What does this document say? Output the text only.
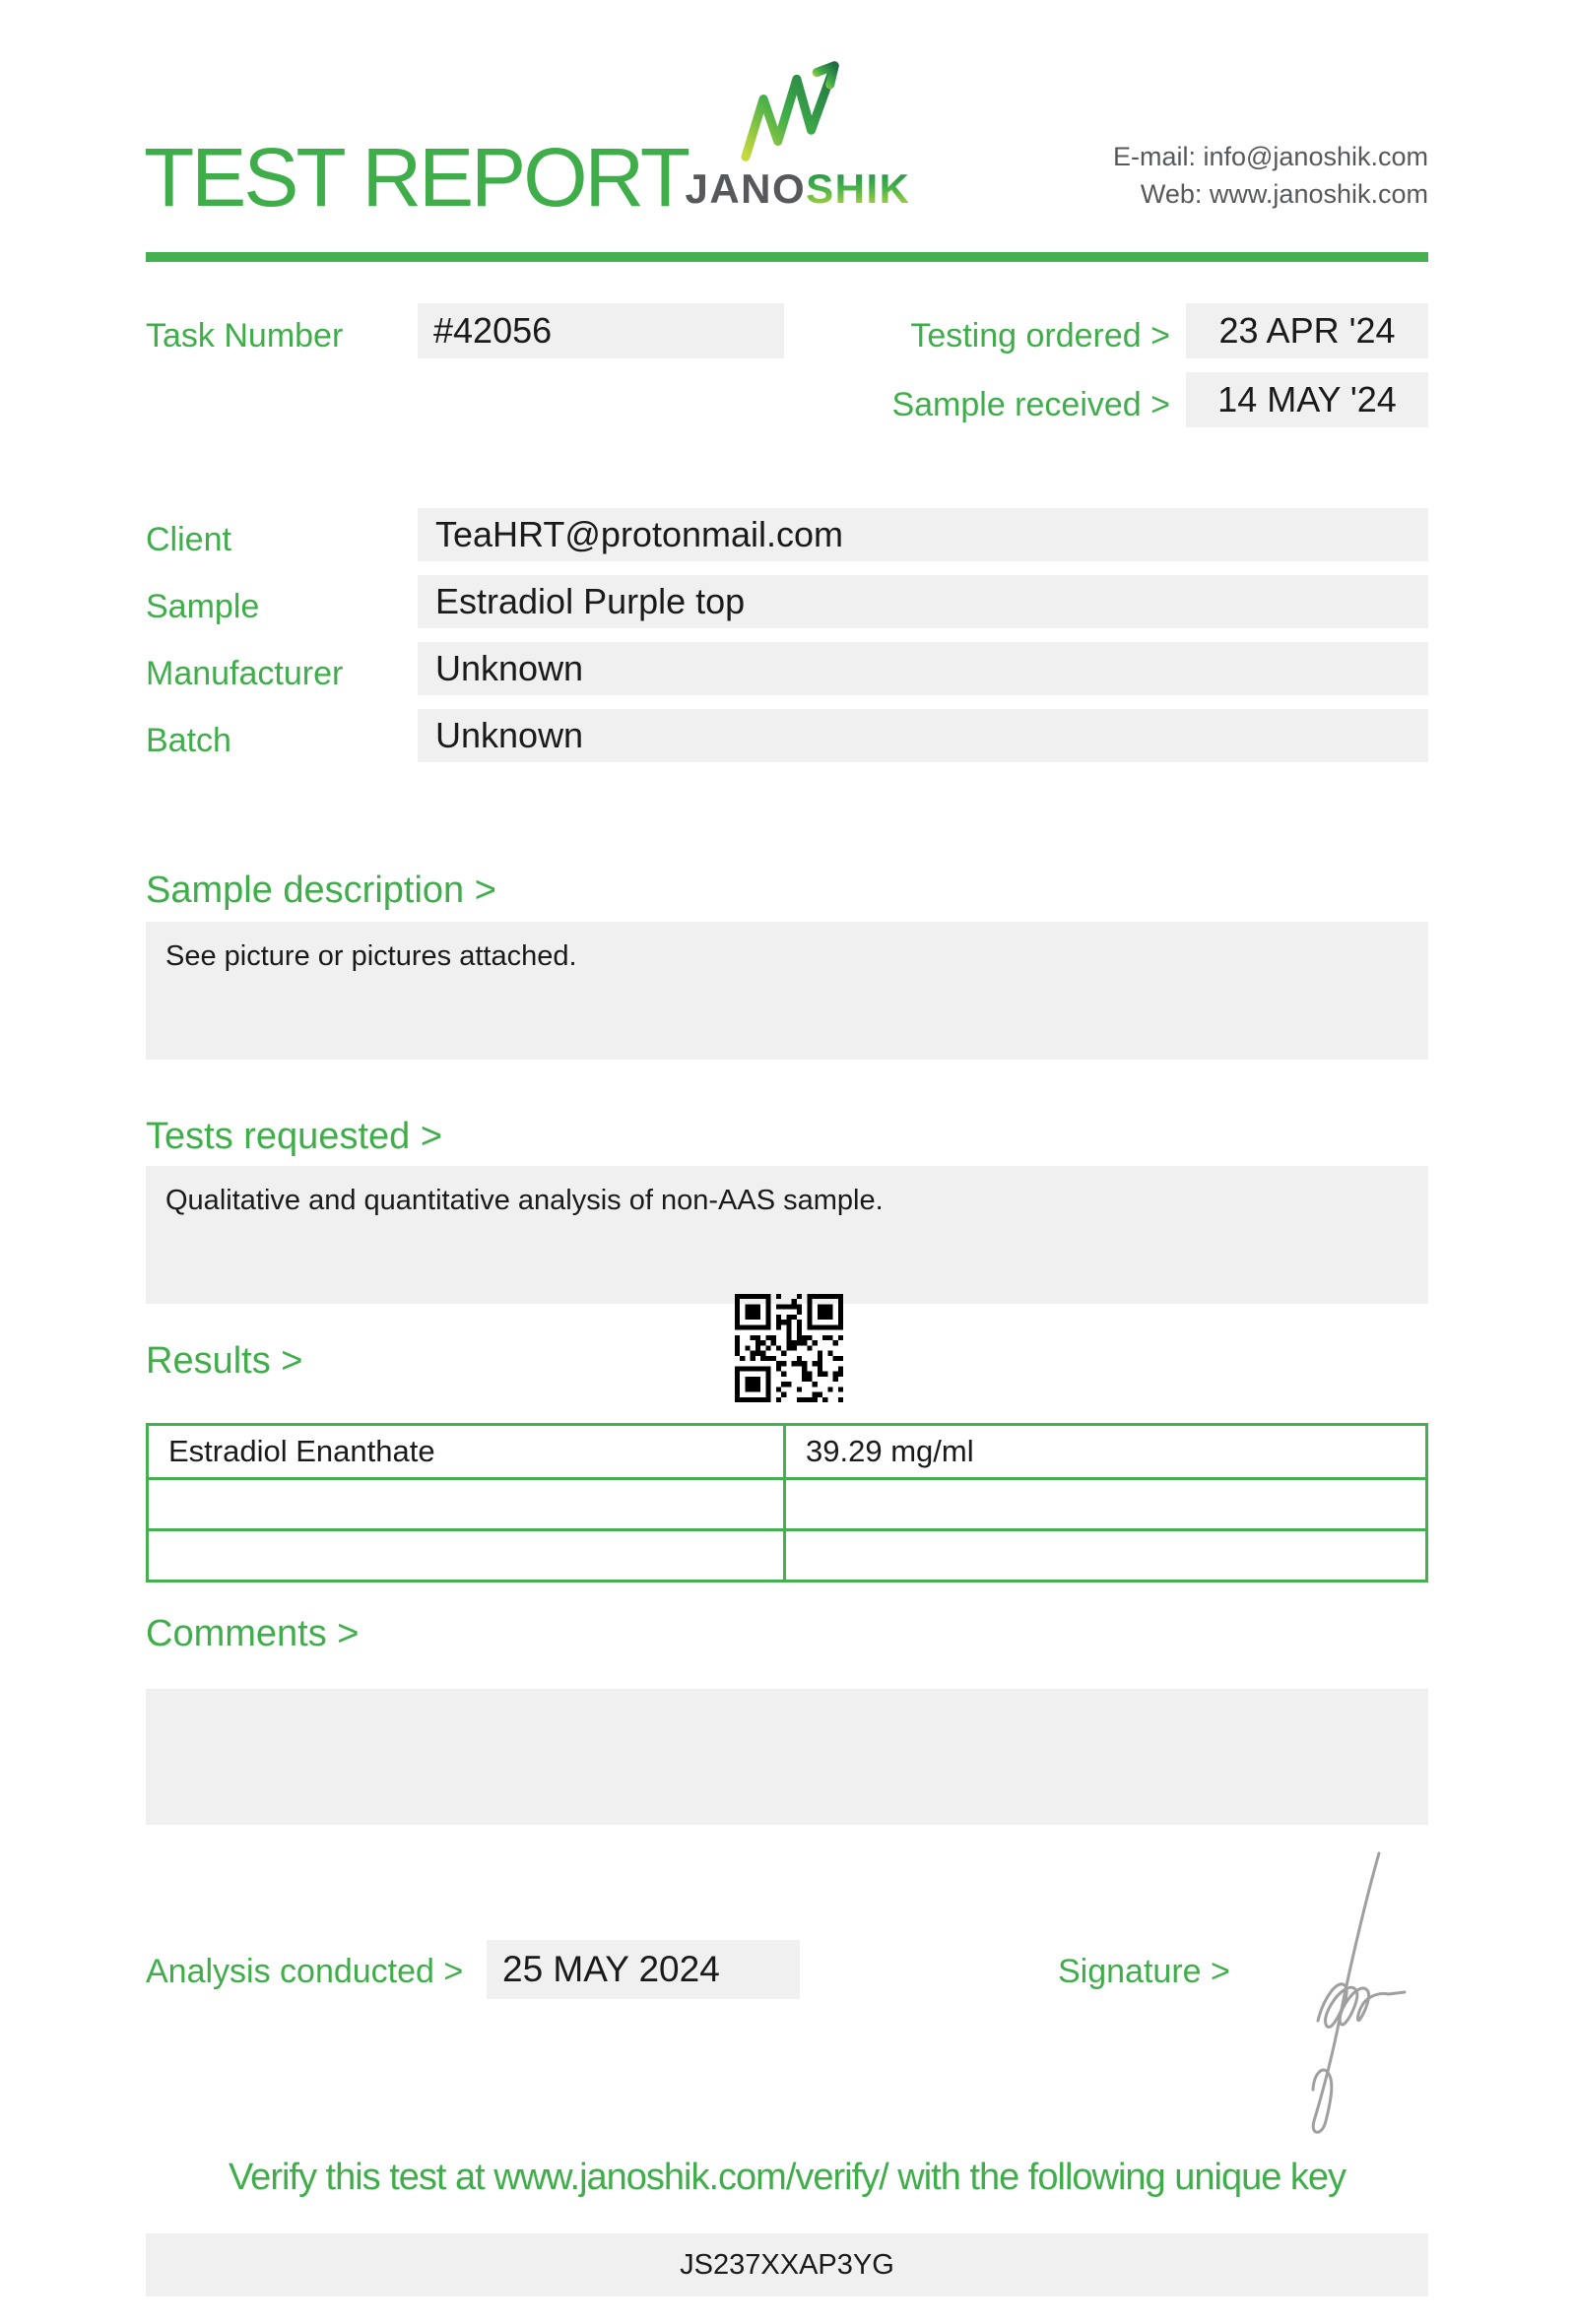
TEST REPORT
JANOSHIK
E-mail: info@janoshik.com
Web: www.janoshik.com
Task Number	#42056	Testing ordered >	23 APR '24
Sample received >	14 MAY '24
Client	TeaHRT@protonmail.com
Sample	Estradiol Purple top
Manufacturer	Unknown
Batch	Unknown
Sample description >
See picture or pictures attached.
Tests requested >
Qualitative and quantitative analysis of non-AAS sample.
Results >
Estradiol Enanthate	39.29 mg/ml
Comments >
Analysis conducted >	25 MAY 2024	Signature >
Verify this test at www.janoshik.com/verify/ with the following unique key
JS237XXAP3YG
